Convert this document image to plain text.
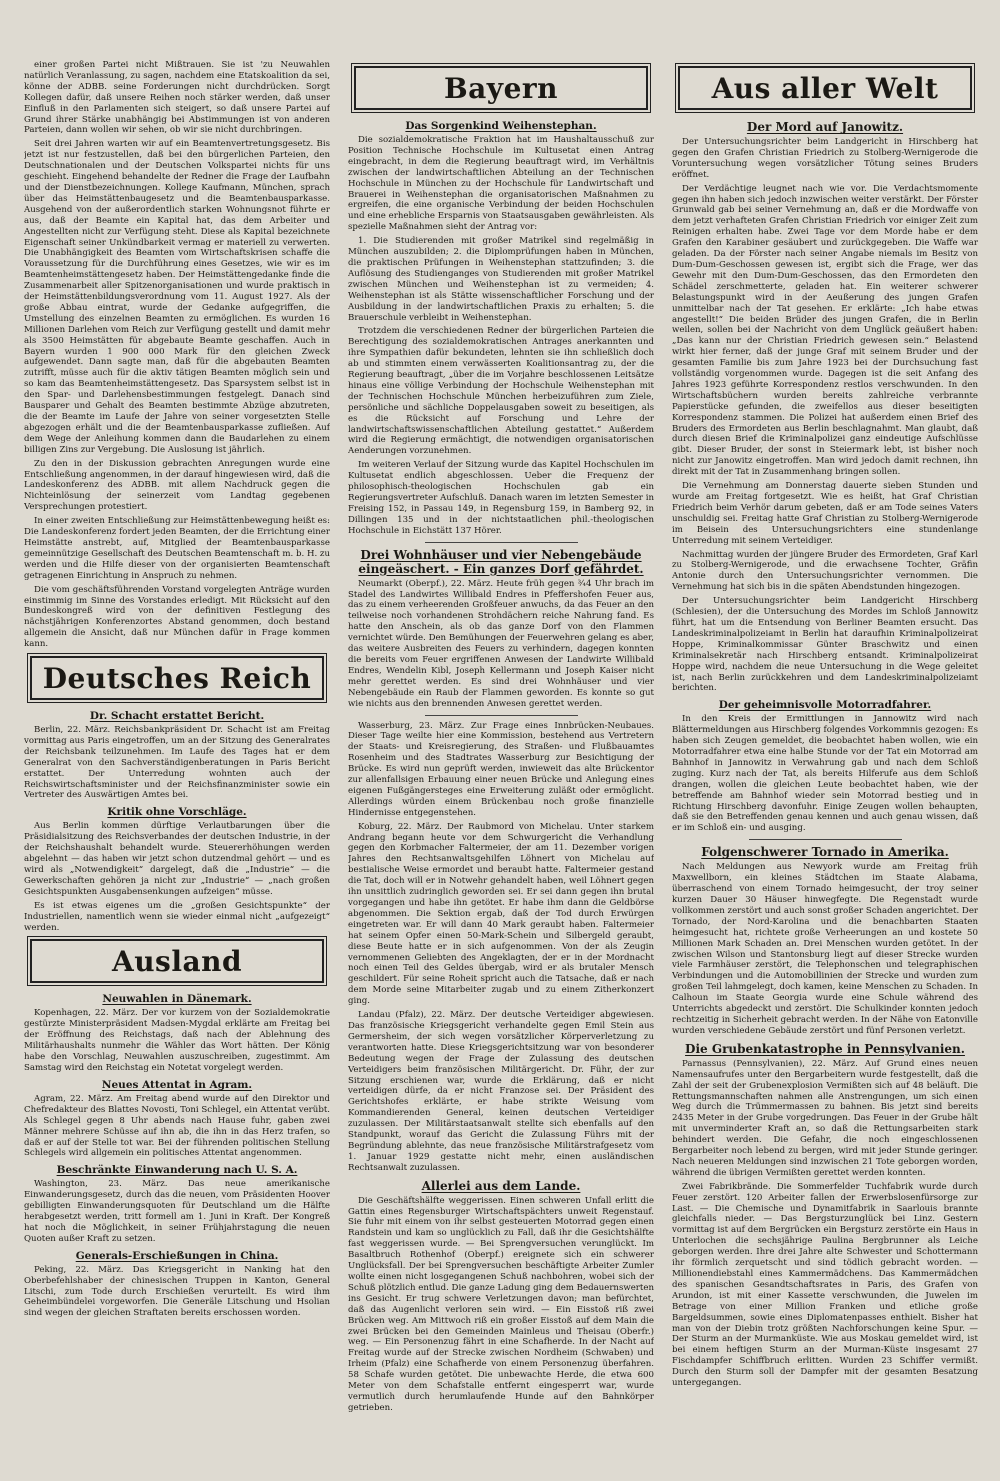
einer großen Partei nicht Mißtrauen. Sie ist 'zu Neuwahlen natürlich Veranlassung, zu sagen, nachdem eine Etatskoalition da sei, könne der ADBB. seine Forderungen nicht durchdrücken. Sorgt Kollegen dafür, daß unsere Reihen noch stärker werden, daß unser Einfluß in den Parlamenten sich steigert, so daß unsere Partei auf Grund ihrer Stärke unabhängig bei Abstimmungen ist von anderen Parteien, dann wollen wir sehen, ob wir sie nicht durchbringen.

Seit drei Jahren warten wir auf ein Beamtenvertretungsgesetz. Bis jetzt ist nur festzustellen, daß bei den bürgerlichen Parteien, den Deutschnationalen und der Deutschen Volkspartei nichts für uns geschieht. Eingehend behandelte der Redner die Frage der Laufbahn und der Dienstbezeichnungen. Kollege Kaufmann, München, sprach über das Heimstättenbaugesetz und die Beamtenbausparkasse. Ausgehend von der außerordentlich starken Wohnungsnot führte er aus, daß der Beamte ein Kapital hat, das dem Arbeiter und Angestellten nicht zur Verfügung steht. Diese als Kapital bezeichnete Eigenschaft seiner Unkündbarkeit vermag er materiell zu verwerten. Die Unabhängigkeit des Beamten vom Wirtschaftskrisen schaffe die Voraussetzung für die Durchführung eines Gesetzes, wie wir es im Beamtenheimstättengesetz haben. Der Heimstättengedanke finde die Zusammenarbeit aller Spitzenorganisationen und wurde praktisch in der Heimstättenbildungsverordnung vom 11. August 1927. Als der große Abbau eintrat, wurde der Gedanke aufgegriffen, die Umstellung des einzelnen Beamten zu ermöglichen. Es wurden 16 Millionen Darlehen vom Reich zur Verfügung gestellt und damit mehr als 3500 Heimstätten für abgebaute Beamte geschaffen. Auch in Bayern wurden 1 900 000 Mark für den gleichen Zweck aufgewendet. Dann sagte man, daß für die abgebauten Beamten zutrifft, müsse auch für die aktiv tätigen Beamten möglich sein und so kam das Beamtenheimstättengesetz. Das Sparsystem selbst ist in den Spar- und Darlehensbestimmungen festgelegt. Danach sind Bausparer und Gehalt des Beamten bestimmte Abzüge abzutreten, die der Beamte im Laufe der Jahre von seiner vorgesetzten Stelle abgezogen erhält und die der Beamtenbausparkasse zufließen. Auf dem Wege der Anleihung kommen dann die Baudarlehen zu einem billigen Zins zur Vergebung. Die Auslosung ist jährlich.

Zu den in der Diskussion gebrachten Anregungen wurde eine Entschließung angenommen, in der darauf hingewiesen wird, daß die Landeskonferenz des ADBB. mit allem Nachdruck gegen die Nichteinlösung der seinerzeit vom Landtag gegebenen Versprechungen protestiert.

In einer zweiten Entschließung zur Heimstättenbewegung heißt es: Die Landeskonferenz fordert jeden Beamten, der die Errichtung einer Heimstätte anstrebt, auf, Mitglied der Beamtenbausparkasse gemeinnützige Gesellschaft des Deutschen Beamtenschaft m. b. H. zu werden und die Hilfe dieser von der organisierten Beamtenschaft getragenen Einrichtung in Anspruch zu nehmen.

Die vom geschäftsführenden Vorstand vorgelegten Anträge wurden einstimmig im Sinne des Vorstandes erledigt. Mit Rücksicht auf den Bundeskongreß wird von der definitiven Festlegung des nächstjährigen Konferenzortes Abstand genommen, doch bestand allgemein die Ansicht, daß nur München dafür in Frage kommen kann.

Deutsches Reich
Dr. Schacht erstattet Bericht.

Berlin, 22. März. Reichsbankpräsident Dr. Schacht ist am Freitag vormittag aus Paris eingetroffen, um an der Sitzung des Generalrates der Reichsbank teilzunehmen. Im Laufe des Tages hat er dem Generalrat von den Sachverständigenberatungen in Paris Bericht erstattet. Der Unterredung wohnten auch der Reichswirtschaftsminister und der Reichsfinanzminister sowie ein Vertreter des Auswärtigen Amtes bei.

Kritik ohne Vorschläge.

Aus Berlin kommen dürftige Verlautbarungen über die Präsidialsitzung des Reichsverbandes der deutschen Industrie, in der der Reichshaushalt behandelt wurde. Steuererhöhungen werden abgelehnt — das haben wir jetzt schon dutzendmal gehört — und es wird als „Notwendigkeit“ dargelegt, daß die „Industrie“ — die Gewerkschaften gehören ja nicht zur „Industrie“ — „nach großen Gesichtspunkten Ausgabensenkungen aufzeigen“ müsse.

Es ist etwas eigenes um die „großen Gesichtspunkte“ der Industriellen, namentlich wenn sie wieder einmal nicht „aufgezeigt“ werden.

Ausland
Neuwahlen in Dänemark.

Kopenhagen, 22. März. Der vor kurzem von der Sozialdemokratie gestürzte Ministerpräsident Madsen-Mygdal erklärte am Freitag bei der Eröffnung des Reichstags, daß nach der Ablehnung des Militärhaushalts nunmehr die Wähler das Wort hätten. Der König habe den Vorschlag, Neuwahlen auszuschreiben, zugestimmt. Am Samstag wird den Reichstag ein Notetat vorgelegt werden.

Neues Attentat in Agram.

Agram, 22. März. Am Freitag abend wurde auf den Direktor und Chefredakteur des Blattes Novosti, Toni Schlegel, ein Attentat verübt. Als Schlegel gegen 8 Uhr abends nach Hause fuhr, gaben zwei Männer mehrere Schüsse auf ihn ab, die ihn in das Herz trafen, so daß er auf der Stelle tot war. Bei der führenden politischen Stellung Schlegels wird allgemein ein politisches Attentat angenommen.

Beschränkte Einwanderung nach U. S. A.

Washington, 23. März. Das neue amerikanische Einwanderungsgesetz, durch das die neuen, vom Präsidenten Hoover gebilligten Einwanderungsquoten für Deutschland um die Hälfte herabgesetzt werden, tritt formell am 1. Juni in Kraft. Der Kongreß hat noch die Möglichkeit, in seiner Frühjahrstagung die neuen Quoten außer Kraft zu setzen.

Generals-Erschießungen in China.

Peking, 22. März. Das Kriegsgericht in Nanking hat den Oberbefehlshaber der chinesischen Truppen in Kanton, General Litschi, zum Tode durch Erschießen verurteilt. Es wird ihm Geheimbündelei vorgeworfen. Die Generäle Litschung und Hsolian sind wegen der gleichen Straftaten bereits erschossen worden.

Bayern
Das Sorgenkind Weihenstephan.

Die sozialdemokratische Fraktion hat im Haushaltausschuß zur Position Technische Hochschule im Kultusetat einen Antrag eingebracht, in dem die Regierung beauftragt wird, im Verhältnis zwischen der landwirtschaftlichen Abteilung an der Technischen Hochschule in München zu der Hochschule für Landwirtschaft und Brauerei in Weihenstephan die organisatorischen Maßnahmen zu ergreifen, die eine organische Verbindung der beiden Hochschulen und eine erhebliche Ersparnis von Staatsausgaben gewährleisten. Als spezielle Maßnahmen sieht der Antrag vor:

1. Die Studierenden mit großer Matrikel sind regelmäßig in München auszubilden; 2. die Diplomprüfungen haben in München, die praktischen Prüfungen in Weihenstephan stattzufinden; 3. die Auflösung des Studienganges von Studierenden mit großer Matrikel zwischen München und Weihenstephan ist zu vermeiden; 4. Weihenstephan ist als Stätte wissenschaftlicher Forschung und der Ausbildung in der landwirtschaftlichen Praxis zu erhalten; 5. die Brauerschule verbleibt in Weihenstephan.

Trotzdem die verschiedenen Redner der bürgerlichen Parteien die Berechtigung des sozialdemokratischen Antrages anerkannten und ihre Sympathien dafür bekundeten, lehnten sie ihn schließlich doch ab und stimmten einem verwässerten Koalitionsantrag zu, der die Regierung beauftragt, „über die im Vorjahre beschlossenen Leitsätze hinaus eine völlige Verbindung der Hochschule Weihenstephan mit der Technischen Hochschule München herbeizuführen zum Ziele, persönliche und sächliche Doppelausgaben soweit zu beseitigen, als es die Rücksicht auf Forschung und Lehre der landwirtschaftswissenschaftlichen Abteilung gestattet.“ Außerdem wird die Regierung ermächtigt, die notwendigen organisatorischen Aenderungen vorzunehmen.

Im weiteren Verlauf der Sitzung wurde das Kapitel Hochschulen im Kultusetat endlich abgeschlossen. Ueber die Frequenz der philosophisch-theologischen Hochschulen gab ein Regierungsvertreter Aufschluß. Danach waren im letzten Semester in Freising 152, in Passau 149, in Regensburg 159, in Bamberg 92, in Dillingen 135 und in der nichtstaatlichen phil.-theologischen Hochschule in Eichstätt 137 Hörer.

Drei Wohnhäuser und vier Nebengebäude eingeäschert. - Ein ganzes Dorf gefährdet.

Neumarkt (Oberpf.), 22. März. Heute früh gegen ¾4 Uhr brach im Stadel des Landwirtes Willibald Endres in Pfeffershofen Feuer aus, das zu einem verheerenden Großfeuer anwuchs, da das Feuer an den teilweise noch vorhandenen Strohdächern reiche Nahrung fand. Es hatte den Anschein, als ob das ganze Dorf von den Flammen vernichtet würde. Den Bemühungen der Feuerwehren gelang es aber, das weitere Ausbreiten des Feuers zu verhindern, dagegen konnten die bereits vom Feuer ergriffenen Anwesen der Landwirte Willibald Endres, Wendelin Kibl, Joseph Kellermann und Joseph Kaiser nicht mehr gerettet werden. Es sind drei Wohnhäuser und vier Nebengebäude ein Raub der Flammen geworden. Es konnte so gut wie nichts aus den brennenden Anwesen gerettet werden.

Wasserburg, 23. März. Zur Frage eines Innbrücken-Neubaues. Dieser Tage weilte hier eine Kommission, bestehend aus Vertretern der Staats- und Kreisregierung, des Straßen- und Flußbauamtes Rosenheim und des Stadtrates Wasserburg zur Besichtigung der Brücke. Es wird nun geprüft werden, inwieweit das alte Brückentor zur allenfallsigen Erbauung einer neuen Brücke und Anlegung eines eigenen Fußgängersteges eine Erweiterung zuläßt oder ermöglicht. Allerdings würden einem Brückenbau noch große finanzielle Hindernisse entgegenstehen.

Koburg, 22. März. Der Raubmord von Michelau. Unter starkem Andrang begann heute vor dem Schwurgericht die Verhandlung gegen den Korbmacher Faltermeier, der am 11. Dezember vorigen Jahres den Rechtsanwaltsgehilfen Löhnert von Michelau auf bestialische Weise ermordet und beraubt hatte. Faltermeier gestand die Tat, doch will er in Notwehr gehandelt haben, weil Löhnert gegen ihn unsittlich zudringlich geworden sei. Er sei dann gegen ihn brutal vorgegangen und habe ihn getötet. Er habe ihm dann die Geldbörse abgenommen. Die Sektion ergab, daß der Tod durch Erwürgen eingetreten war. Er will dann 40 Mark geraubt haben. Faltermeier hat seinem Opfer einen 50-Mark-Schein und Silbergeld geraubt, diese Beute hatte er in sich aufgenommen. Von der als Zeugin vernommenen Geliebten des Angeklagten, der er in der Mordnacht noch einen Teil des Geldes übergab, wird er als brutaler Mensch geschildert. Für seine Roheit spricht auch die Tatsache, daß er nach dem Morde seine Mitarbeiter zugab und zu einem Zitherkonzert ging.

Landau (Pfalz), 22. März. Der deutsche Verteidiger abgewiesen. Das französische Kriegsgericht verhandelte gegen Emil Stein aus Germersheim, der sich wegen vorsätzlicher Körperverletzung zu verantworten hatte. Diese Kriegsgerichtsitzung war von besonderer Bedeutung wegen der Frage der Zulassung des deutschen Verteidigers beim französischen Militärgericht. Dr. Führ, der zur Sitzung erschienen war, wurde die Erklärung, daß er nicht verteidigen dürfe, da er nicht Franzose sei. Der Präsident des Gerichtshofes erklärte, er habe strikte Weisung vom Kommandierenden General, keinen deutschen Verteidiger zuzulassen. Der Militärstaatsanwalt stellte sich ebenfalls auf den Standpunkt, worauf das Gericht die Zulassung Führs mit der Begründung ablehnte, das neue französische Militärstrafgesetz vom 1. Januar 1929 gestatte nicht mehr, einen ausländischen Rechtsanwalt zuzulassen.

Allerlei aus dem Lande.

Die Geschäftshälfte weggerissen. Einen schweren Unfall erlitt die Gattin eines Regensburger Wirtschaftspächters unweit Regenstauf. Sie fuhr mit einem von ihr selbst gesteuerten Motorrad gegen einen Randstein und kam so unglücklich zu Fall, daß ihr die Gesichtshälfte fast weggerissen wurde. — Bei Sprengversuchen verunglückt. Im Basaltbruch Rothenhof (Oberpf.) ereignete sich ein schwerer Unglücksfall. Der bei Sprengversuchen beschäftigte Arbeiter Zumler wollte einen nicht losgegangenen Schuß nachbohren, wobei sich der Schuß plötzlich entlud. Die ganze Ladung ging dem Bedauernswerten ins Gesicht. Er trug schwere Verletzungen davon; man befürchtet, daß das Augenlicht verloren sein wird. — Ein Eisstoß riß zwei Brücken weg. Am Mittwoch riß ein großer Eisstoß auf dem Main die zwei Brücken bei den Gemeinden Mainleus und Theisau (Oberfr.) weg. — Ein Personenzug fährt in eine Schafherde. In der Nacht auf Freitag wurde auf der Strecke zwischen Nordheim (Schwaben) und Irheim (Pfalz) eine Schafherde von einem Personenzug überfahren. 58 Schafe wurden getötet. Die unbewachte Herde, die etwa 600 Meter von dem Schafstalle entfernt eingesperrt war, wurde vermutlich durch herumlaufende Hunde auf den Bahnkörper getrieben.

Aus aller Welt
Der Mord auf Janowitz.

Der Untersuchungsrichter beim Landgericht in Hirschberg hat gegen den Grafen Christian Friedrich zu Stolberg-Wernigerode die Voruntersuchung wegen vorsätzlicher Tötung seines Bruders eröffnet.

Der Verdächtige leugnet nach wie vor. Die Verdachtsmomente gegen ihn haben sich jedoch inzwischen weiter verstärkt. Der Förster Grunwald gab bei seiner Vernehmung an, daß er die Mordwaffe von dem jetzt verhafteten Grafen Christian Friedrich vor einiger Zeit zum Reinigen erhalten habe. Zwei Tage vor dem Morde habe er dem Grafen den Karabiner gesäubert und zurückgegeben. Die Waffe war geladen. Da der Förster nach seiner Angabe niemals im Besitz von Dum-Dum-Geschossen gewesen ist, ergibt sich die Frage, wer das Gewehr mit den Dum-Dum-Geschossen, das den Ermordeten den Schädel zerschmetterte, geladen hat. Ein weiterer schwerer Belastungspunkt wird in der Aeußerung des jungen Grafen unmittelbar nach der Tat gesehen. Er erklärte: „Ich habe etwas angestellt!“ Die beiden Brüder des jungen Grafen, die in Berlin weilen, sollen bei der Nachricht von dem Unglück geäußert haben: „Das kann nur der Christian Friedrich gewesen sein.“ Belastend wirkt hier ferner, daß der junge Graf mit seinem Bruder und der gesamten Familie bis zum Jahre 1923 bei der Durchsuchung fast vollständig vorgenommen wurde. Dagegen ist die seit Anfang des Jahres 1923 geführte Korrespondenz restlos verschwunden. In den Wirtschaftsbüchern wurden bereits zahlreiche verbrannte Papierstücke gefunden, die zweifellos aus dieser beseitigten Korrespondenz stammen. Die Polizei hat außerdem einen Brief des Bruders des Ermordeten aus Berlin beschlagnahmt. Man glaubt, daß durch diesen Brief die Kriminalpolizei ganz eindeutige Aufschlüsse gibt. Dieser Bruder, der sonst in Steiermark lebt, ist bisher noch nicht zur Janowitz eingetroffen. Man wird jedoch damit rechnen, ihn direkt mit der Tat in Zusammenhang bringen sollen.

Die Vernehmung am Donnerstag dauerte sieben Stunden und wurde am Freitag fortgesetzt. Wie es heißt, hat Graf Christian Friedrich beim Verhör darum gebeten, daß er am Tode seines Vaters unschuldig sei. Freitag hatte Graf Christian zu Stolberg-Wernigerode im Beisein des Untersuchungsrichters eine stundenlange Unterredung mit seinem Verteidiger.

Nachmittag wurden der jüngere Bruder des Ermordeten, Graf Karl zu Stolberg-Wernigerode, und die erwachsene Tochter, Gräfin Antonie durch den Untersuchungsrichter vernommen. Die Vernehmung hat sich bis in die späten Abendstunden hingezogen.

Der Untersuchungsrichter beim Landgericht Hirschberg (Schlesien), der die Untersuchung des Mordes im Schloß Jannowitz führt, hat um die Entsendung von Berliner Beamten ersucht. Das Landeskriminalpolizeiamt in Berlin hat daraufhin Kriminalpolizeirat Hoppe, Kriminalkommissar Günter Braschwitz und einen Kriminalsekretär nach Hirschberg entsandt. Kriminalpolizeirat Hoppe wird, nachdem die neue Untersuchung in die Wege geleitet ist, nach Berlin zurückkehren und dem Landeskriminalpolizeiamt berichten.

Der geheimnisvolle Motorradfahrer.

In den Kreis der Ermittlungen in Jannowitz wird nach Blättermeldungen aus Hirschberg folgendes Vorkommnis gezogen: Es haben sich Zeugen gemeldet, die beobachtet haben wollen, wie ein Motorradfahrer etwa eine halbe Stunde vor der Tat ein Motorrad am Bahnhof in Jannowitz in Verwahrung gab und nach dem Schloß zuging. Kurz nach der Tat, als bereits Hilferufe aus dem Schloß drangen, wollen die gleichen Leute beobachtet haben, wie der betreffende am Bahnhof wieder sein Motorrad bestieg und in Richtung Hirschberg davonfuhr. Einige Zeugen wollen behaupten, daß sie den Betreffenden genau kennen und auch genau wissen, daß er im Schloß ein- und ausging.

Folgenschwerer Tornado in Amerika.

Nach Meldungen aus Newyork wurde am Freitag früh Maxwellborn, ein kleines Städtchen im Staate Alabama, überraschend von einem Tornado heimgesucht, der troy seiner kurzen Dauer 30 Häuser hinwegfegte. Die Regenstadt wurde vollkommen zerstört und auch sonst großer Schaden angerichtet. Der Tornado, der Nord-Karolina und die benachbarten Staaten heimgesucht hat, richtete große Verheerungen an und kostete 50 Millionen Mark Schaden an. Drei Menschen wurden getötet. In der zwischen Wilson und Stantonsburg liegt auf dieser Strecke wurden viele Farmhäuser zerstört, die Telephonschen und telegraphischen Verbindungen und die Automobillinien der Strecke und wurden zum großen Teil lahmgelegt, doch kamen, keine Menschen zu Schaden. In Calhoun im Staate Georgia wurde eine Schule während des Unterrichts abgedeckt und zerstört. Die Schulkinder konnten jedoch rechtzeitig in Sicherheit gebracht werden. In der Nähe von Eatonville wurden verschiedene Gebäude zerstört und fünf Personen verletzt.

Die Grubenkatastrophe in Pennsylvanien.

Parnassus (Pennsylvanien), 22. März. Auf Grund eines neuen Namensaufrufes unter den Bergarbeitern wurde festgestellt, daß die Zahl der seit der Grubenexplosion Vermißten sich auf 48 beläuft. Die Rettungsmannschaften nahmen alle Anstrengungen, um sich einen Weg durch die Trümmermassen zu bahnen. Bis jetzt sind bereits 2435 Meter in der Grube vorgedrungen. Das Feuer in der Grube hält mit unverminderter Kraft an, so daß die Rettungsarbeiten stark behindert werden. Die Gefahr, die noch eingeschlossenen Bergarbeiter noch lebend zu bergen, wird mit jeder Stunde geringer. Nach neueren Meldungen sind inzwischen 21 Tote geborgen worden, während die übrigen Vermißten gerettet werden konnten.

Zwei Fabrikbrände. Die Sommerfelder Tuchfabrik wurde durch Feuer zerstört. 120 Arbeiter fallen der Erwerbslosenfürsorge zur Last. — Die Chemische und Dynamitfabrik in Saarlouis brannte gleichfalls nieder. — Das Bergsturzunglück bei Linz. Gestern vormittag ist auf dem Bergrücken ein Bergsturz zerstörte ein Haus in Unterlochen die sechsjährige Paulina Bergbrunner als Leiche geborgen werden. Ihre drei Jahre alte Schwester und Schottermann ihr förmlich zerquetscht und sind tödlich gebracht worden. — Millionendiebstahl eines Kammermädchens. Das Kammermädchen des spanischen Gesandtschaftsrates in Paris, des Grafen von Arundon, ist mit einer Kassette verschwunden, die Juwelen im Betrage von einer Million Franken und etliche große Bargeldsummen, sowie eines Diplomatenpasses enthielt. Bisher hat man von der Diebin trotz größten Nachforschungen keine Spur. — Der Sturm an der Murmanküste. Wie aus Moskau gemeldet wird, ist bei einem heftigen Sturm an der Murman-Küste insgesamt 27 Fischdampfer Schiffbruch erlitten. Wurden 23 Schiffer vermißt. Durch den Sturm soll der Dampfer mit der gesamten Besatzung untergegangen.
